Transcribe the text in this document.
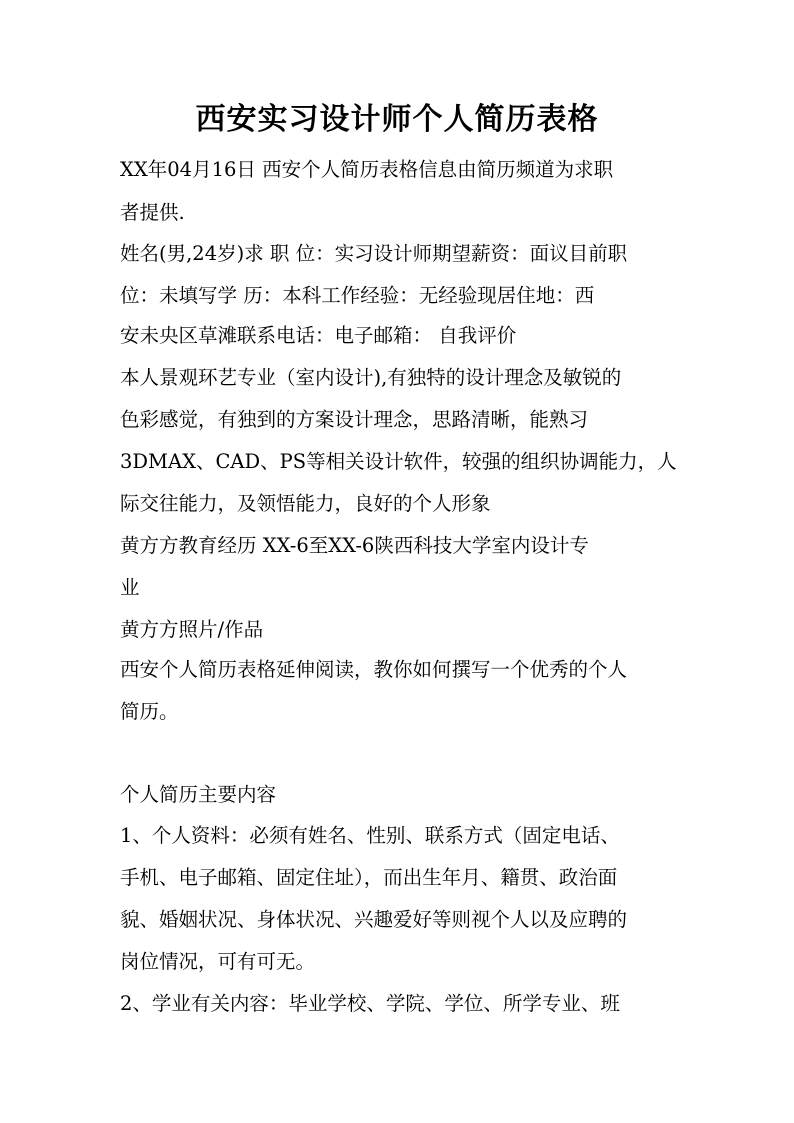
西安实习设计师个人简历表格
XX年04月16日 西安个人简历表格信息由简历频道为求职
者提供.
姓名(男,24岁)求 职 位：实习设计师期望薪资：面议目前职
位：未填写学 历：本科工作经验：无经验现居住地：西
安未央区草滩联系电话：电子邮箱： 自我评价
本人景观环艺专业（室内设计),有独特的设计理念及敏锐的
色彩感觉，有独到的方案设计理念，思路清晰，能熟习
3DMAX、CAD、PS等相关设计软件，较强的组织协调能力，人
际交往能力，及领悟能力，良好的个人形象
黄方方教育经历 XX-6至XX-6陕西科技大学室内设计专
业
黄方方照片/作品
西安个人简历表格延伸阅读，教你如何撰写一个优秀的个人
简历。
个人简历主要内容
1、个人资料：必须有姓名、性别、联系方式（固定电话、
手机、电子邮箱、固定住址），而出生年月、籍贯、政治面
貌、婚姻状况、身体状况、兴趣爱好等则视个人以及应聘的
岗位情况，可有可无。
2、学业有关内容：毕业学校、学院、学位、所学专业、班
